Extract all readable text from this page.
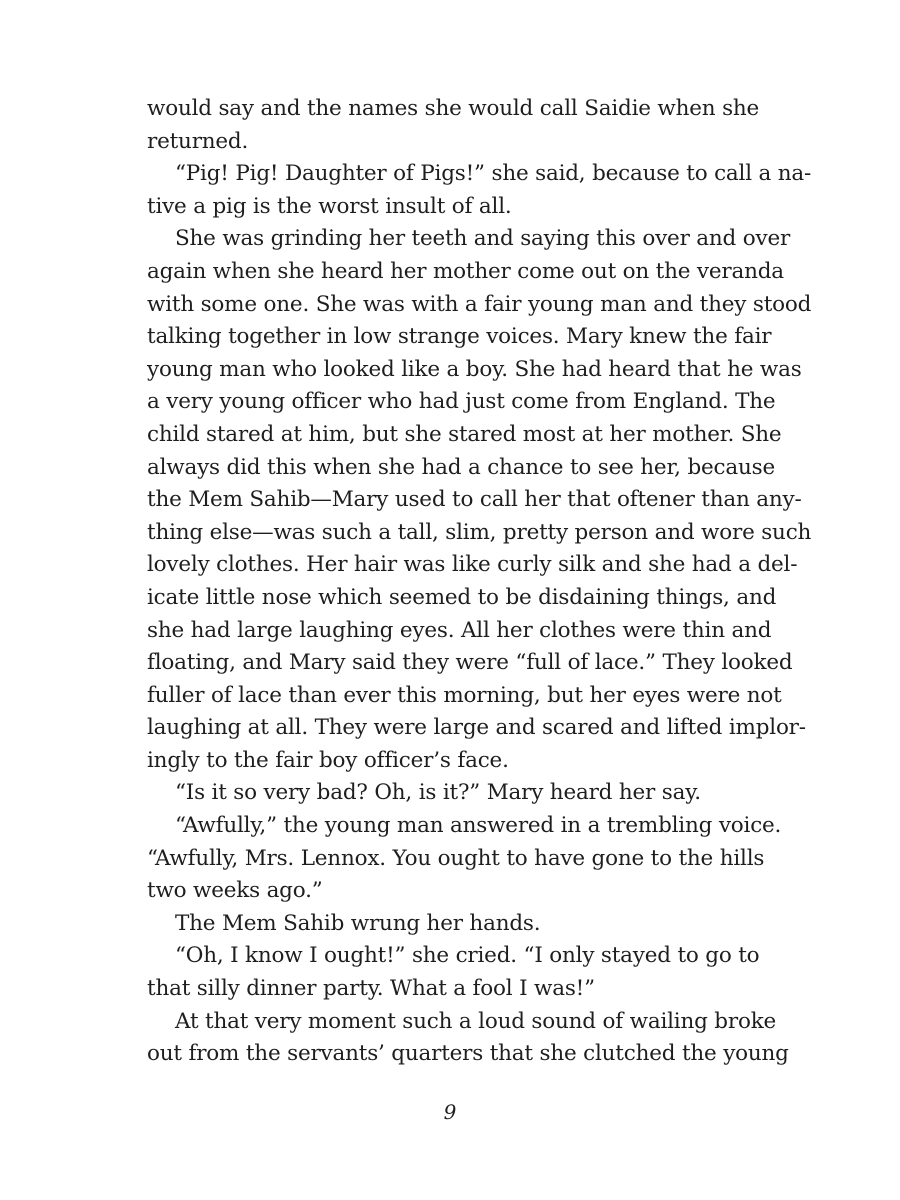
would say and the names she would call Saidie when she
returned.
“Pig! Pig! Daughter of Pigs!” she said, because to call a na-
tive a pig is the worst insult of all.
She was grinding her teeth and saying this over and over
again when she heard her mother come out on the veranda
with some one. She was with a fair young man and they stood
talking together in low strange voices. Mary knew the fair
young man who looked like a boy. She had heard that he was
a very young officer who had just come from England. The
child stared at him, but she stared most at her mother. She
always did this when she had a chance to see her, because
the Mem Sahib—Mary used to call her that oftener than any-
thing else—was such a tall, slim, pretty person and wore such
lovely clothes. Her hair was like curly silk and she had a del-
icate little nose which seemed to be disdaining things, and
she had large laughing eyes. All her clothes were thin and
floating, and Mary said they were “full of lace.” They looked
fuller of lace than ever this morning, but her eyes were not
laughing at all. They were large and scared and lifted implor-
ingly to the fair boy officer’s face.
“Is it so very bad? Oh, is it?” Mary heard her say.
“Awfully,” the young man answered in a trembling voice.
“Awfully, Mrs. Lennox. You ought to have gone to the hills
two weeks ago.”
The Mem Sahib wrung her hands.
“Oh, I know I ought!” she cried. “I only stayed to go to
that silly dinner party. What a fool I was!”
At that very moment such a loud sound of wailing broke
out from the servants’ quarters that she clutched the young
9
